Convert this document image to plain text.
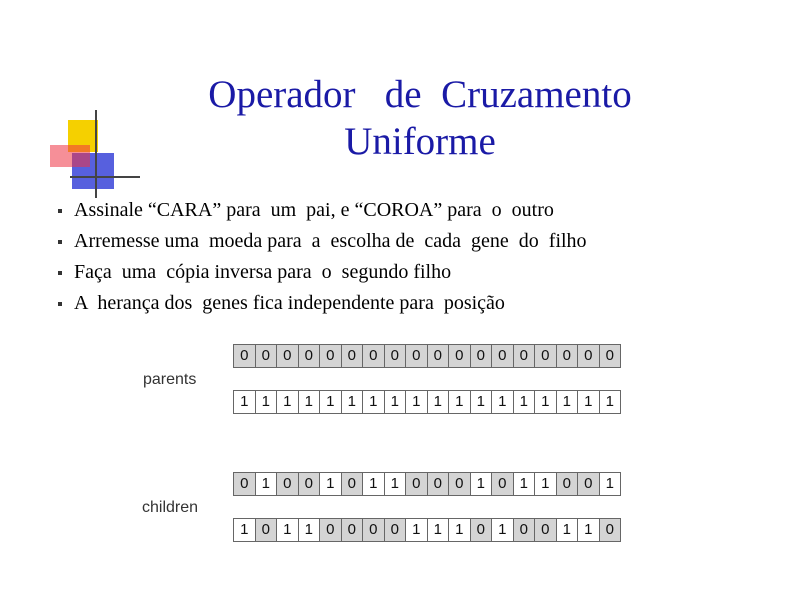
Operador   de  Cruzamento
Uniforme
Assinale “CARA” para  um  pai, e “COROA” para  o  outro
Arremesse uma  moeda para  a  escolha de  cada  gene  do  filho
Faça  uma  cópia inversa para  o  segundo filho
A  herança dos  genes fica independente para  posição
parents
children
0 0 0 0 0 0 0 0 0 0 0 0 0 0 0 0 0 0
1 1 1 1 1 1 1 1 1 1 1 1 1 1 1 1 1 1
0 1 0 0 1 0 1 1 0 0 0 1 0 1 1 0 0 1
1 0 1 1 0 0 0 0 1 1 1 0 1 0 0 1 1 0
